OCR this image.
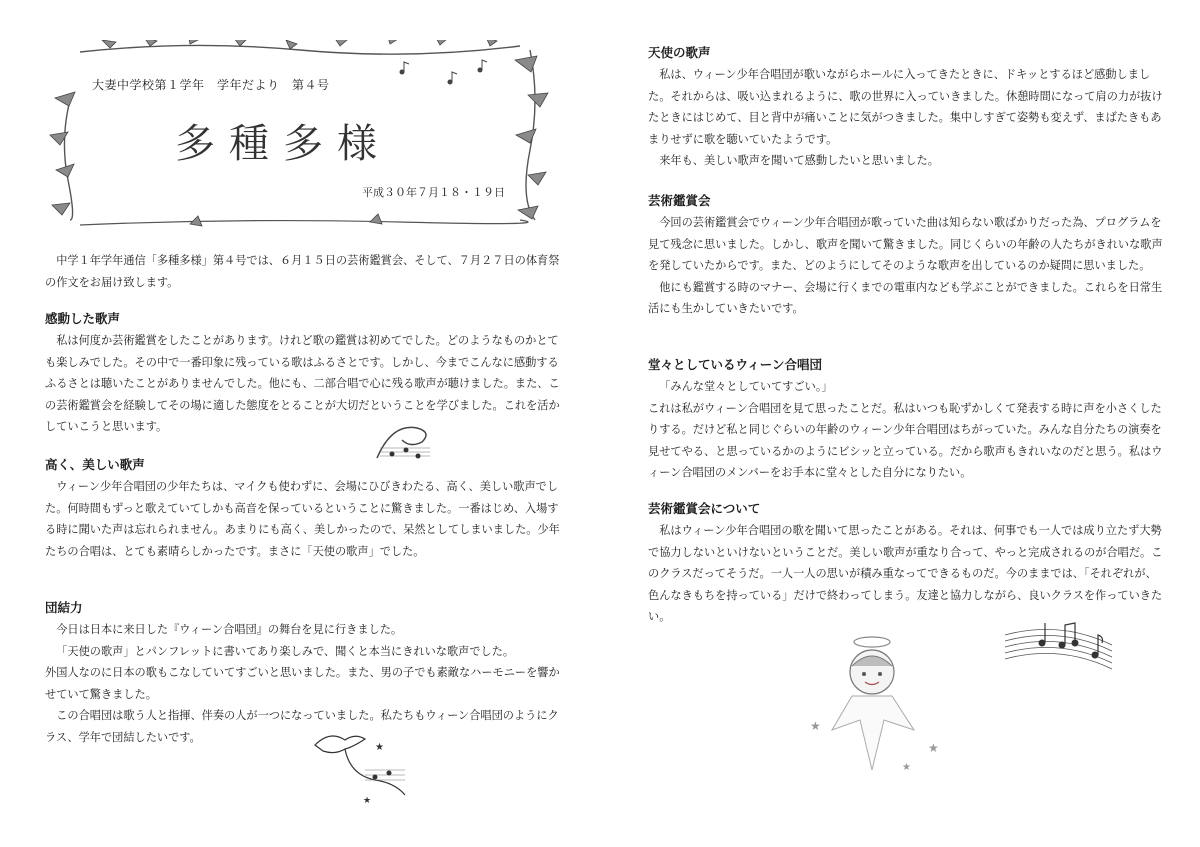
大妻中学校第１学年　学年だより　第４号
多種多様
平成３０年７月１８・１９日

中学１年学年通信「多種多様」第４号では、６月１５日の芸術鑑賞会、そして、７月２７日の体育祭の作文をお届け致します。

感動した歌声

私は何度か芸術鑑賞をしたことがあります。けれど歌の鑑賞は初めてでした。どのようなものかとても楽しみでした。その中で一番印象に残っている歌はふるさとです。しかし、今までこんなに感動するふるさとは聴いたことがありませんでした。他にも、二部合唱で心に残る歌声が聴けました。また、この芸術鑑賞会を経験してその場に適した態度をとることが大切だということを学びました。これを活かしていこうと思います。

高く、美しい歌声

ウィーン少年合唱団の少年たちは、マイクも使わずに、会場にひびきわたる、高く、美しい歌声でした。何時間もずっと歌えていてしかも高音を保っているということに驚きました。一番はじめ、入場する時に聞いた声は忘れられません。あまりにも高く、美しかったので、呆然としてしまいました。少年たちの合唱は、とても素晴らしかったです。まさに「天使の歌声」でした。

団結力

今日は日本に来日した『ウィーン合唱団』の舞台を見に行きました。

「天使の歌声」とパンフレットに書いてあり楽しみで、聞くと本当にきれいな歌声でした。

外国人なのに日本の歌もこなしていてすごいと思いました。また、男の子でも素敵なハーモニーを響かせていて驚きました。

この合唱団は歌う人と指揮、伴奏の人が一つになっていました。私たちもウィーン合唱団のようにクラス、学年で団結したいです。

★
★
天使の歌声

私は、ウィーン少年合唱団が歌いながらホールに入ってきたときに、ドキッとするほど感動しました。それからは、吸い込まれるように、歌の世界に入っていきました。休憩時間になって肩の力が抜けたときにはじめて、目と背中が痛いことに気がつきました。集中しすぎて姿勢も変えず、まばたきもあまりせずに歌を聴いていたようです。

来年も、美しい歌声を聞いて感動したいと思いました。

芸術鑑賞会

今回の芸術鑑賞会でウィーン少年合唱団が歌っていた曲は知らない歌ばかりだった為、プログラムを見て残念に思いました。しかし、歌声を聞いて驚きました。同じくらいの年齢の人たちがきれいな歌声を発していたからです。また、どのようにしてそのような歌声を出しているのか疑問に思いました。

他にも鑑賞する時のマナー、会場に行くまでの電車内なども学ぶことができました。これらを日常生活にも生かしていきたいです。

堂々としているウィーン合唱団

「みんな堂々としていてすごい。」

これは私がウィーン合唱団を見て思ったことだ。私はいつも恥ずかしくて発表する時に声を小さくしたりする。だけど私と同じぐらいの年齢のウィーン少年合唱団はちがっていた。みんな自分たちの演奏を見せてやる、と思っているかのようにビシッと立っている。だから歌声もきれいなのだと思う。私はウィーン合唱団のメンバーをお手本に堂々とした自分になりたい。

芸術鑑賞会について

私はウィーン少年合唱団の歌を聞いて思ったことがある。それは、何事でも一人では成り立たず大勢で協力しないといけないということだ。美しい歌声が重なり合って、やっと完成されるのが合唱だ。このクラスだってそうだ。一人一人の思いが積み重なってできるものだ。今のままでは、「それぞれが、色んなきもちを持っている」だけで終わってしまう。友達と協力しながら、良いクラスを作っていきたい。

★
★
★
